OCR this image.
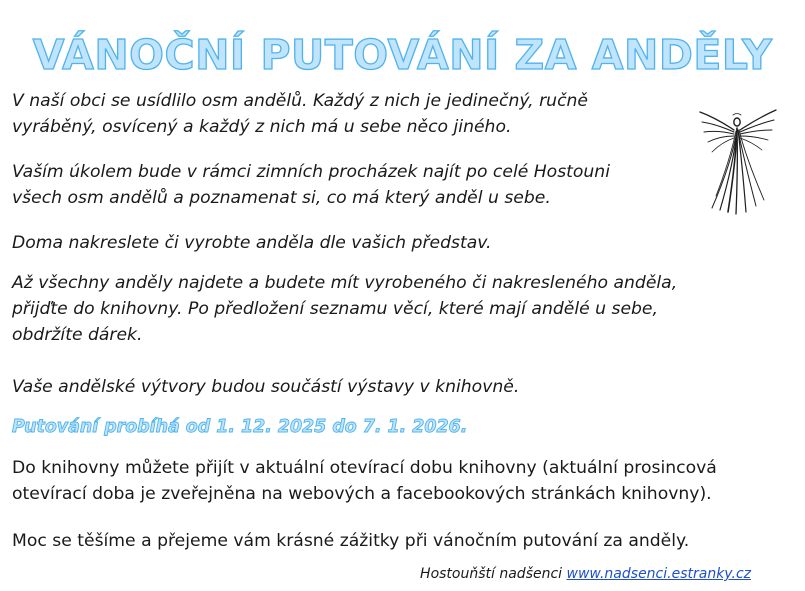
VÁNOČNÍ PUTOVÁNÍ ZA ANDĚLY

V naší obci se usídlilo osm andělů. Každý z nich je jedinečný, ručně
vyráběný, osvícený a každý z nich má u sebe něco jiného.

Vaším úkolem bude v rámci zimních procházek najít po celé Hostouni
všech osm andělů a poznamenat si, co má který anděl u sebe.

Doma nakreslete či vyrobte anděla dle vašich představ.

Až všechny anděly najdete a budete mít vyrobeného či nakresleného anděla,
přijďte do knihovny. Po předložení seznamu věcí, které mají andělé u sebe,
obdržíte dárek.

Vaše andělské výtvory budou součástí výstavy v knihovně.

Putování probíhá od 1. 12. 2025 do 7. 1. 2026.

Do knihovny můžete přijít v aktuální otevírací dobu knihovny (aktuální prosincová
otevírací doba je zveřejněna na webových a facebookových stránkách knihovny).

Moc se těšíme a přejeme vám krásné zážitky při vánočním putování za anděly.

Hostouňští nadšenci www.nadsenci.estranky.cz
